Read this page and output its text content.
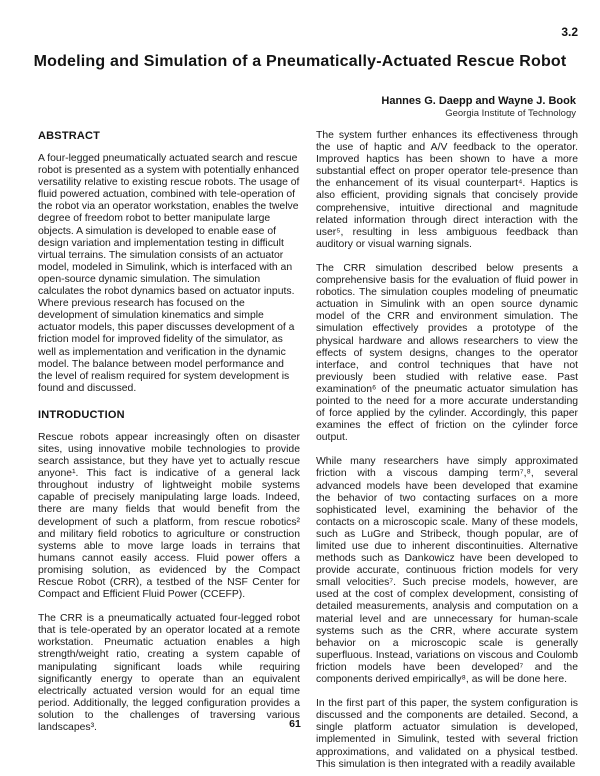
3.2
Modeling and Simulation of a Pneumatically-Actuated Rescue Robot
Hannes G. Daepp and Wayne J. Book
Georgia Institute of Technology
ABSTRACT

A four-legged pneumatically actuated search and rescue robot is presented as a system with potentially enhanced versatility relative to existing rescue robots. The usage of fluid powered actuation, combined with tele-operation of the robot via an operator workstation, enables the twelve degree of freedom robot to better manipulate large objects. A simulation is developed to enable ease of design variation and implementation testing in difficult virtual terrains. The simulation consists of an actuator model, modeled in Simulink, which is interfaced with an open-source dynamic simulation. The simulation calculates the robot dynamics based on actuator inputs. Where previous research has focused on the development of simulation kinematics and simple actuator models, this paper discusses development of a friction model for improved fidelity of the simulator, as well as implementation and verification in the dynamic model. The balance between model performance and the level of realism required for system development is found and discussed.

INTRODUCTION

Rescue robots appear increasingly often on disaster sites, using innovative mobile technologies to provide search assistance, but they have yet to actually rescue anyone¹. This fact is indicative of a general lack throughout industry of lightweight mobile systems capable of precisely manipulating large loads. Indeed, there are many fields that would benefit from the development of such a platform, from rescue robotics² and military field robotics to agriculture or construction systems able to move large loads in terrains that humans cannot easily access. Fluid power offers a promising solution, as evidenced by the Compact Rescue Robot (CRR), a testbed of the NSF Center for Compact and Efficient Fluid Power (CCEFP).

The CRR is a pneumatically actuated four-legged robot that is tele-operated by an operator located at a remote workstation. Pneumatic actuation enables a high strength/weight ratio, creating a system capable of manipulating significant loads while requiring significantly energy to operate than an equivalent electrically actuated version would for an equal time period. Additionally, the legged configuration provides a solution to the challenges of traversing various landscapes³.

The system further enhances its effectiveness through the use of haptic and A/V feedback to the operator. Improved haptics has been shown to have a more substantial effect on proper operator tele-presence than the enhancement of its visual counterpart⁴. Haptics is also efficient, providing signals that concisely provide comprehensive, intuitive directional and magnitude related information through direct interaction with the user⁵, resulting in less ambiguous feedback than auditory or visual warning signals.

The CRR simulation described below presents a comprehensive basis for the evaluation of fluid power in robotics. The simulation couples modeling of pneumatic actuation in Simulink with an open source dynamic model of the CRR and environment simulation. The simulation effectively provides a prototype of the physical hardware and allows researchers to view the effects of system designs, changes to the operator interface, and control techniques that have not previously been studied with relative ease. Past examination⁶ of the pneumatic actuator simulation has pointed to the need for a more accurate understanding of force applied by the cylinder. Accordingly, this paper examines the effect of friction on the cylinder force output.

While many researchers have simply approximated friction with a viscous damping term⁷,⁸, several advanced models have been developed that examine the behavior of two contacting surfaces on a more sophisticated level, examining the behavior of the contacts on a microscopic scale. Many of these models, such as LuGre and Stribeck, though popular, are of limited use due to inherent discontinuities. Alternative methods such as Dankowicz have been developed to provide accurate, continuous friction models for very small velocities⁷. Such precise models, however, are used at the cost of complex development, consisting of detailed measurements, analysis and computation on a material level and are unnecessary for human-scale systems such as the CRR, where accurate system behavior on a microscopic scale is generally superfluous. Instead, variations on viscous and Coulomb friction models have been developed⁷ and the components derived empirically⁸, as will be done here.

In the first part of this paper, the system configuration is discussed and the components are detailed. Second, a single platform actuator simulation is developed, implemented in Simulink, tested with several friction approximations, and validated on a physical testbed. This simulation is then integrated with a readily available

61
